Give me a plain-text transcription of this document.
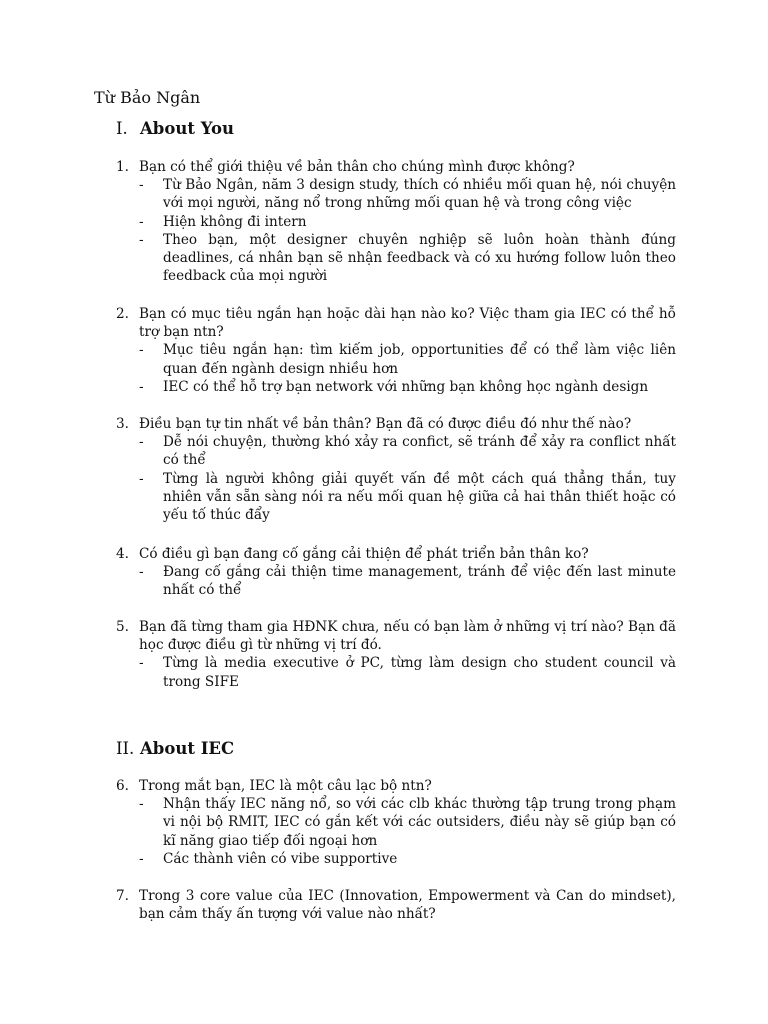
Từ Bảo Ngân

I. About You
1. Bạn có thể giới thiệu về bản thân cho chúng mình được không?
- Từ Bảo Ngân, năm 3 design study, thích có nhiều mối quan hệ, nói chuyện với mọi người, năng nổ trong những mối quan hệ và trong công việc
- Hiện không đi intern
- Theo bạn, một designer chuyên nghiệp sẽ luôn hoàn thành đúng deadlines, cá nhân bạn sẽ nhận feedback và có xu hướng follow luôn theo feedback của mọi người
2. Bạn có mục tiêu ngắn hạn hoặc dài hạn nào ko? Việc tham gia IEC có thể hỗ trợ bạn ntn?
- Mục tiêu ngắn hạn: tìm kiếm job, opportunities để có thể làm việc liên quan đến ngành design nhiều hơn
- IEC có thể hỗ trợ bạn network với những bạn không học ngành design
3. Điều bạn tự tin nhất về bản thân? Bạn đã có được điều đó như thế nào?
- Dễ nói chuyện, thường khó xảy ra confict, sẽ tránh để xảy ra conflict nhất có thể
- Từng là người không giải quyết vấn đề một cách quá thẳng thắn, tuy nhiên vẫn sẵn sàng nói ra nếu mối quan hệ giữa cả hai thân thiết hoặc có yếu tố thúc đẩy
4. Có điều gì bạn đang cố gắng cải thiện để phát triển bản thân ko?
- Đang cố gắng cải thiện time management, tránh để việc đến last minute nhất có thể
5. Bạn đã từng tham gia HĐNK chưa, nếu có bạn làm ở những vị trí nào? Bạn đã học được điều gì từ những vị trí đó.
- Từng là media executive ở PC, từng làm design cho student council và trong SIFE
II. About IEC
6. Trong mắt bạn, IEC là một câu lạc bộ ntn?
- Nhận thấy IEC năng nổ, so với các clb khác thường tập trung trong phạm vi nội bộ RMIT, IEC có gắn kết với các outsiders, điều này sẽ giúp bạn có kĩ năng giao tiếp đối ngoại hơn
- Các thành viên có vibe supportive
7. Trong 3 core value của IEC (Innovation, Empowerment và Can do mindset), bạn cảm thấy ấn tượng với value nào nhất?
